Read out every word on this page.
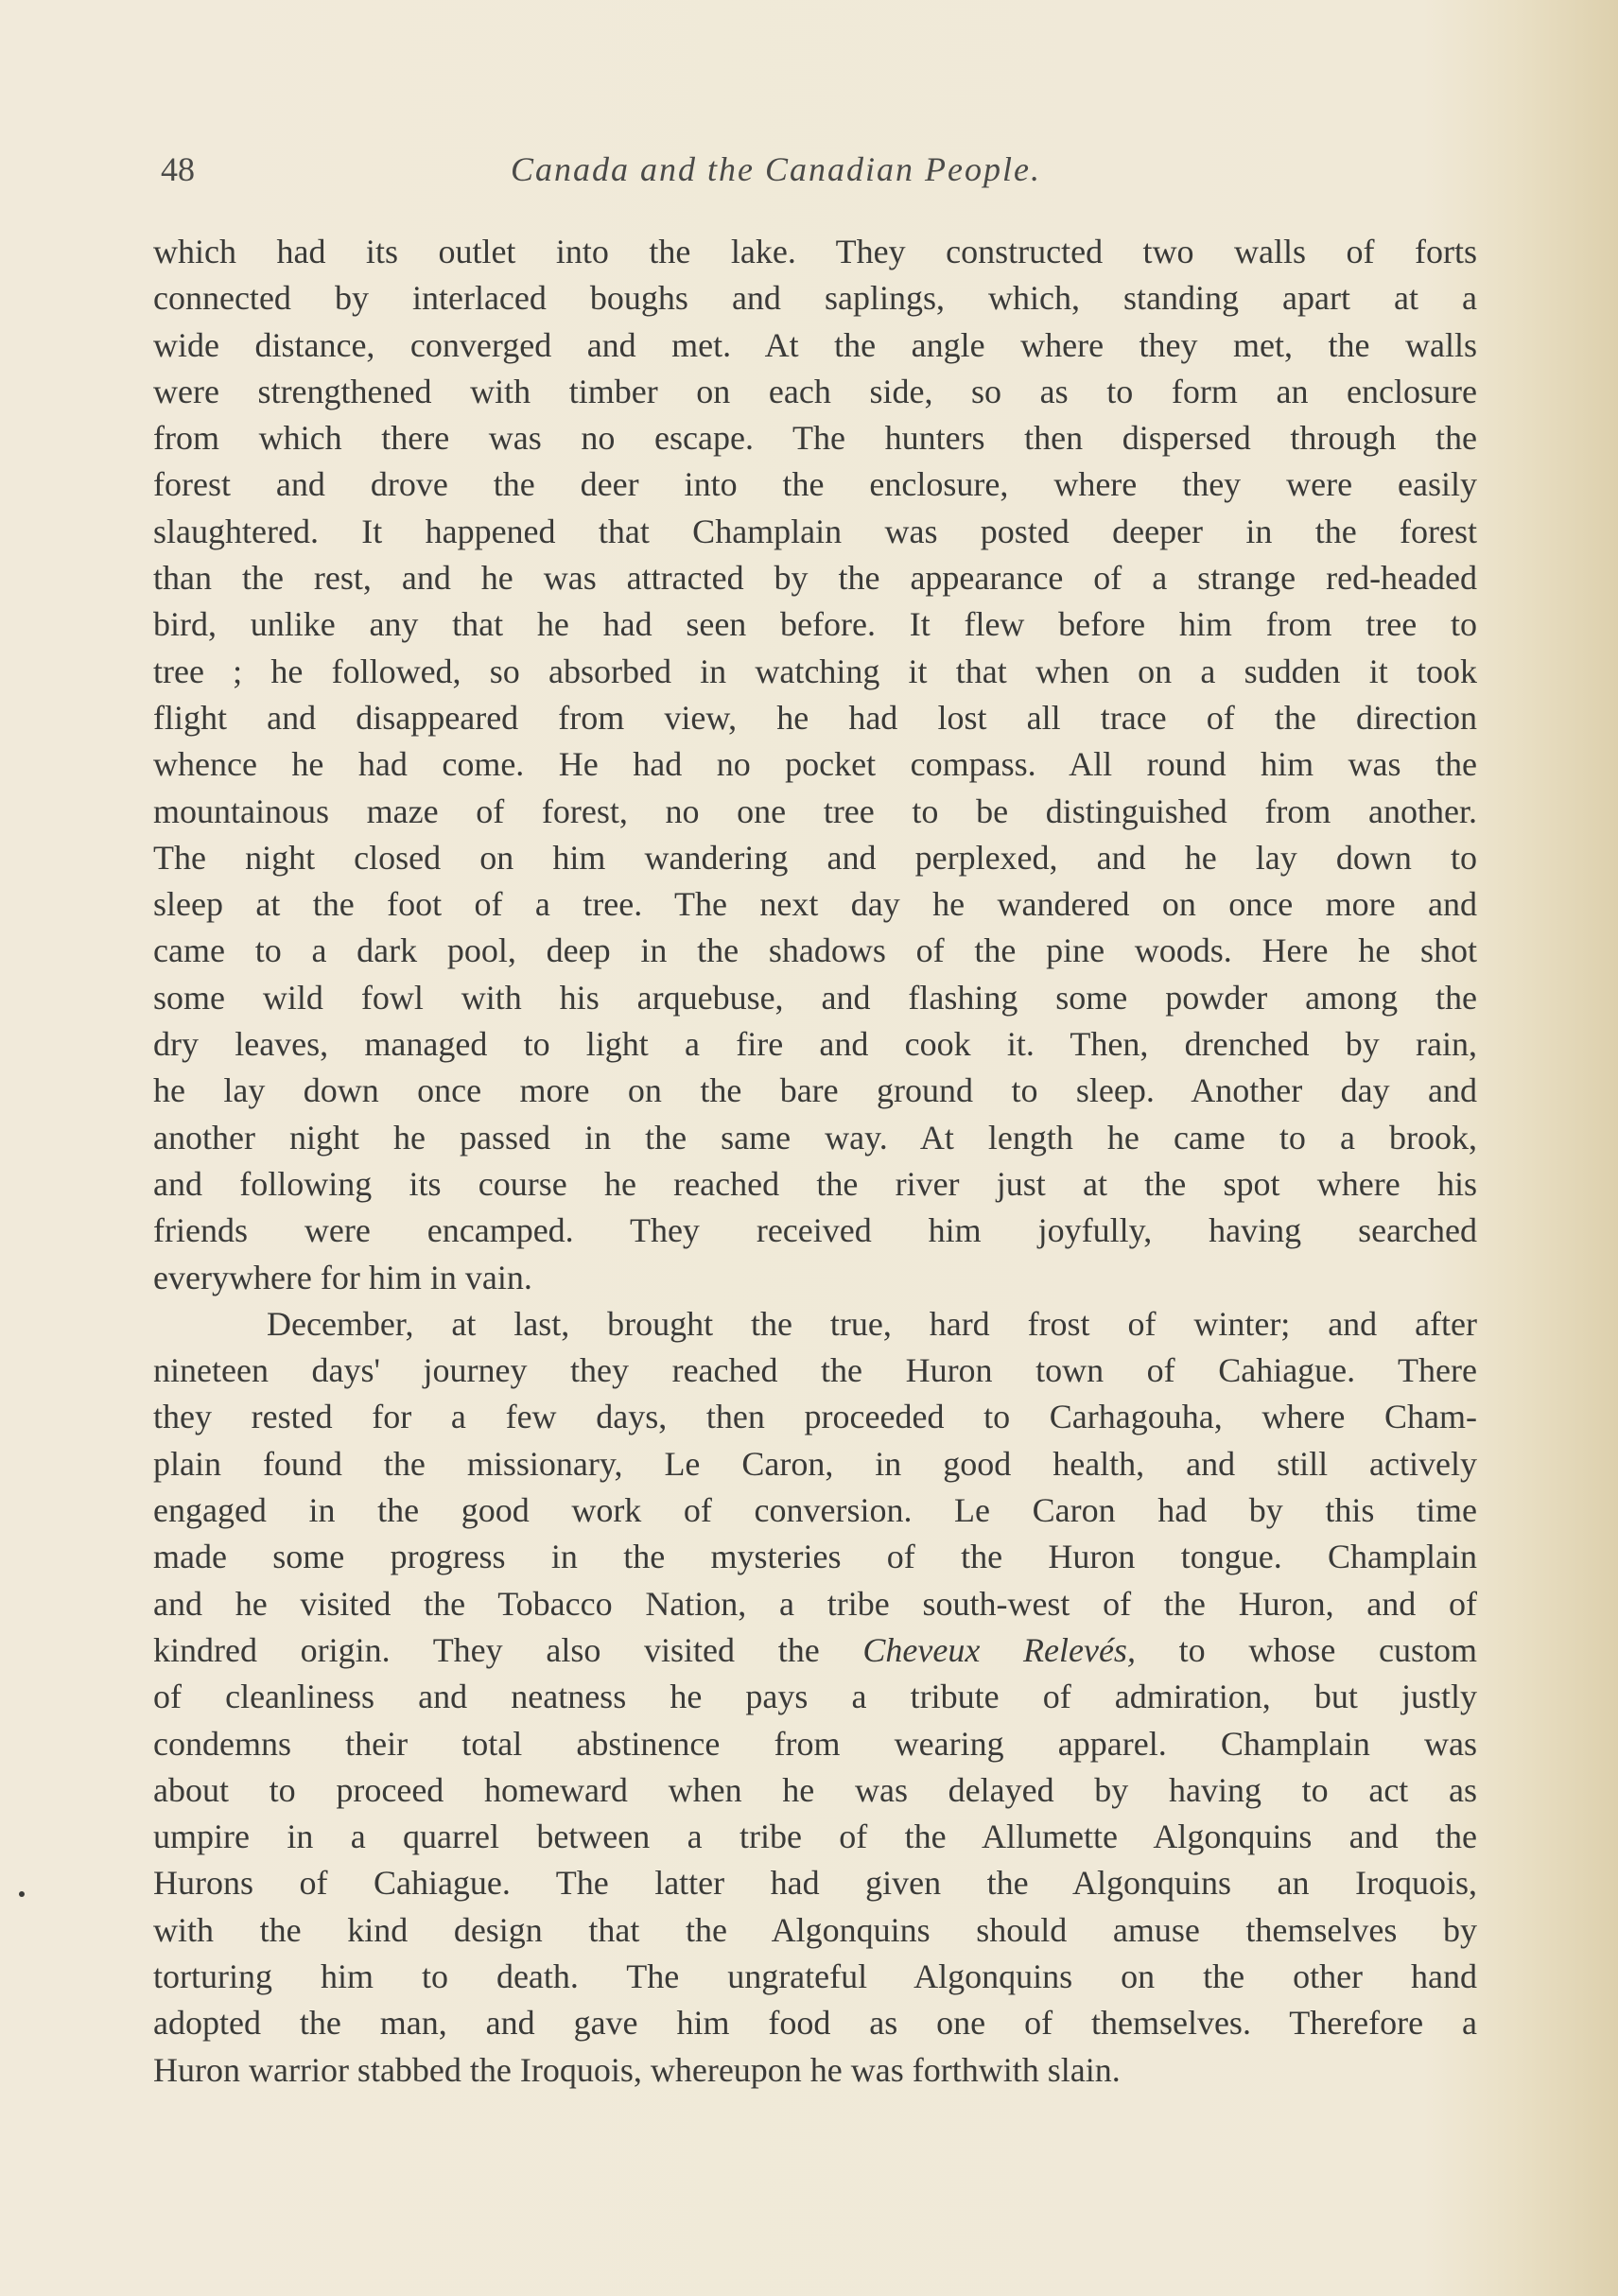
48	Canada and the Canadian People.
which had its outlet into the lake. They constructed two walls of forts
connected by interlaced boughs and saplings, which, standing apart at a
wide distance, converged and met. At the angle where they met, the walls
were strengthened with timber on each side, so as to form an enclosure
from which there was no escape. The hunters then dispersed through the
forest and drove the deer into the enclosure, where they were easily
slaughtered. It happened that Champlain was posted deeper in the forest
than the rest, and he was attracted by the appearance of a strange red-headed
bird, unlike any that he had seen before. It flew before him from tree to
tree ; he followed, so absorbed in watching it that when on a sudden it took
flight and disappeared from view, he had lost all trace of the direction
whence he had come. He had no pocket compass. All round him was the
mountainous maze of forest, no one tree to be distinguished from another.
The night closed on him wandering and perplexed, and he lay down to
sleep at the foot of a tree. The next day he wandered on once more and
came to a dark pool, deep in the shadows of the pine woods. Here he shot
some wild fowl with his arquebuse, and flashing some powder among the
dry leaves, managed to light a fire and cook it. Then, drenched by rain,
he lay down once more on the bare ground to sleep. Another day and
another night he passed in the same way. At length he came to a brook,
and following its course he reached the river just at the spot where his
friends were encamped. They received him joyfully, having searched
everywhere for him in vain.
December, at last, brought the true, hard frost of winter; and after
nineteen days' journey they reached the Huron town of Cahiague. There
they rested for a few days, then proceeded to Carhagouha, where Cham-
plain found the missionary, Le Caron, in good health, and still actively
engaged in the good work of conversion. Le Caron had by this time
made some progress in the mysteries of the Huron tongue. Champlain
and he visited the Tobacco Nation, a tribe south-west of the Huron, and of
kindred origin. They also visited the Cheveux Relevés, to whose custom
of cleanliness and neatness he pays a tribute of admiration, but justly
condemns their total abstinence from wearing apparel. Champlain was
about to proceed homeward when he was delayed by having to act as
umpire in a quarrel between a tribe of the Allumette Algonquins and the
Hurons of Cahiague. The latter had given the Algonquins an Iroquois,
with the kind design that the Algonquins should amuse themselves by
torturing him to death. The ungrateful Algonquins on the other hand
adopted the man, and gave him food as one of themselves. Therefore a
Huron warrior stabbed the Iroquois, whereupon he was forthwith slain.
